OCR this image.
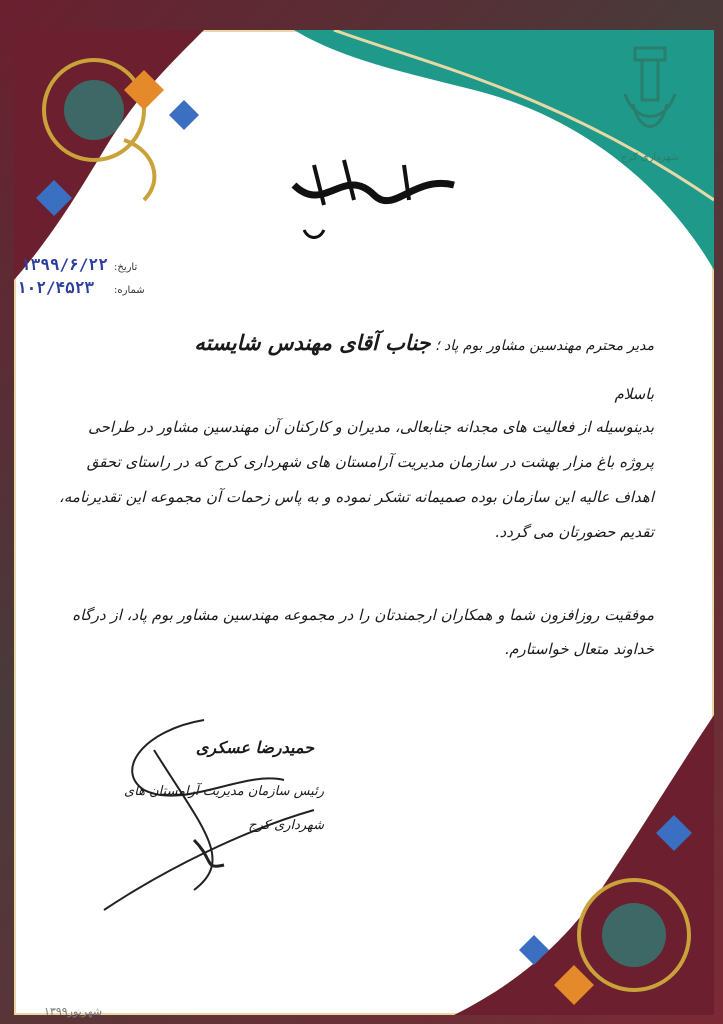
شهرداری کرج
تاریخ:
۱۳۹۹/۶/۲۲
شماره:
۱۰۲/۴۵۲۳
مدیر محترم مهندسین مشاور بوم پاد ؛ جناب آقای مهندس شایسته
باسلام
بدینوسیله از فعالیت های مجدانه جنابعالی، مدیران و کارکنان آن مهندسین مشاور در طراحی پروژه باغ مزار بهشت در سازمان مدیریت آرامستان های شهرداری کرج که در راستای تحقق اهداف عالیه این سازمان بوده صمیمانه تشکر نموده و به پاس زحمات آن مجموعه این تقدیرنامه، تقدیم حضورتان می گردد.
موفقیت روزافزون شما و همکاران ارجمندتان را در مجموعه مهندسین مشاور بوم پاد، از درگاه خداوند متعال خواستارم.
حمیدرضا عسکری
رئیس سازمان مدیریت آرامستان های
شهرداری کرج
شهریور۱۳۹۹
